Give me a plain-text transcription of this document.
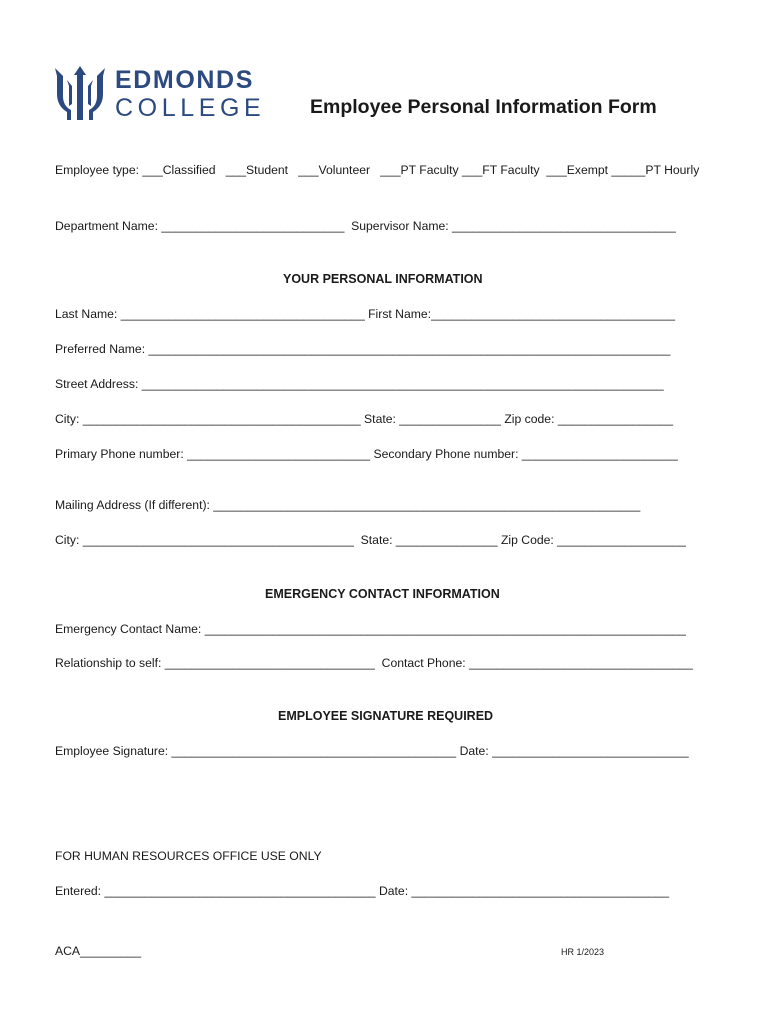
EDMONDS
COLLEGE Employee Personal Information Form
Employee type: ___Classified   ___Student   ___Volunteer   ___PT Faculty ___FT Faculty  ___Exempt _____PT Hourly
Department Name: ___________________________  Supervisor Name: _________________________________
YOUR PERSONAL INFORMATION
Last Name: ____________________________________ First Name:____________________________________
Preferred Name: _____________________________________________________________________________
Street Address: _____________________________________________________________________________
City: _________________________________________ State: _______________ Zip code: _________________
Primary Phone number: ___________________________ Secondary Phone number: _______________________
Mailing Address (If different): _______________________________________________________________
City: ________________________________________  State: _______________ Zip Code: ___________________
EMERGENCY CONTACT INFORMATION
Emergency Contact Name: _______________________________________________________________________
Relationship to self: _______________________________  Contact Phone: _________________________________
EMPLOYEE SIGNATURE REQUIRED
Employee Signature: __________________________________________ Date: _____________________________
FOR HUMAN RESOURCES OFFICE USE ONLY
Entered: ________________________________________ Date: ______________________________________
ACA_________	HR 1/2023
